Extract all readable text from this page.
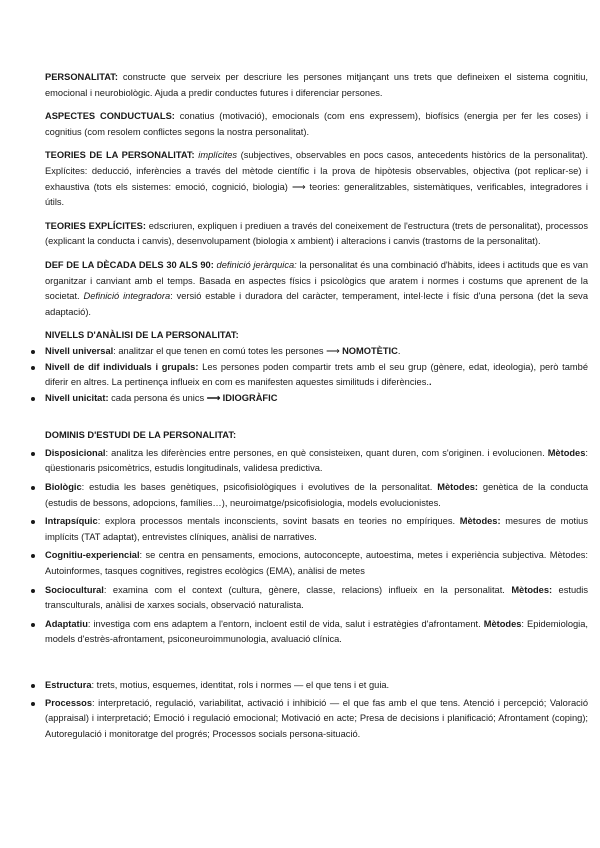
PERSONALITAT: constructe que serveix per descriure les persones mitjançant uns trets que defineixen el sistema cognitiu, emocional i neurobiològic. Ajuda a predir conductes futures i diferenciar persones.

ASPECTES CONDUCTUALS: conatius (motivació), emocionals (com ens expressem), biofísics (energia per fer les coses) i cognitius (com resolem conflictes segons la nostra personalitat).

TEORIES DE LA PERSONALITAT: implícites (subjectives, observables en pocs casos, antecedents històrics de la personalitat). Explícites: deducció, inferències a través del mètode científic i la prova de hipòtesis observables, objectiva (pot replicar-se) i exhaustiva (tots els sistemes: emoció, cognició, biologia) ⟶ teories: generalitzables, sistemàtiques, verificables, integradores i útils.

TEORIES EXPLÍCITES: edscriuren, expliquen i prediuen a través del coneixement de l'estructura (trets de personalitat), processos (explicant la conducta i canvis), desenvolupament (biologia x ambient) i alteracions i canvis (trastorns de la personalitat).

DEF DE LA DÈCADA DELS 30 ALS 90: definició jeràrquica: la personalitat és una combinació d'hàbits, idees i actituds que es van organitzar i canviant amb el temps. Basada en aspectes físics i psicològics que aratem i normes i costums que aprenent de la societat. Definició integradora: versió estable i duradora del caràcter, temperament, intel·lecte i físic d'una persona (det la seva adaptació).

NIVELLS D'ANÀLISI DE LA PERSONALITAT:

Nivell universal: analitzar el que tenen en comú totes les persones ⟶ NOMOTÈTIC.
Nivell de dif individuals i grupals: Les persones poden compartir trets amb el seu grup (gènere, edat, ideologia), però també diferir en altres. La pertinença influeix en com es manifesten aquestes similituds i diferències..
Nivell unicitat: cada persona és unics ⟶ IDIOGRÀFIC

DOMINIS D'ESTUDI DE LA PERSONALITAT:

Disposicional: analitza les diferències entre persones, en què consisteixen, quant duren, com s'originen. i evolucionen. Mètodes: qüestionaris psicomètrics, estudis longitudinals, validesa predictiva.
Biològic: estudia les bases genètiques, psicofisiològiques i evolutives de la personalitat. Mètodes: genètica de la conducta (estudis de bessons, adopcions, famílies…), neuroimatge/psicofisiologia, models evolucionistes.
Intrapsíquic: explora processos mentals inconscients, sovint basats en teories no empíriques. Mètodes: mesures de motius implícits (TAT adaptat), entrevistes clíniques, anàlisi de narratives.
Cognitiu-experiencial: se centra en pensaments, emocions, autoconcepte, autoestima, metes i experiència subjectiva. Mètodes: Autoinformes, tasques cognitives, registres ecològics (EMA), anàlisi de metes
Sociocultural: examina com el context (cultura, gènere, classe, relacions) influeix en la personalitat. Mètodes: estudis transculturals, anàlisi de xarxes socials, observació naturalista.
Adaptatiu: investiga com ens adaptem a l'entorn, incloent estil de vida, salut i estratègies d'afrontament. Mètodes: Epidemiologia, models d'estrès-afrontament, psiconeuroimmunologia, avaluació clínica.
Estructura: trets, motius, esquemes, identitat, rols i normes — el que tens i et guia.
Processos: interpretació, regulació, variabilitat, activació i inhibició — el que fas amb el que tens. Atenció i percepció; Valoració (appraisal) i interpretació; Emoció i regulació emocional; Motivació en acte; Presa de decisions i planificació; Afrontament (coping); Autoregulació i monitoratge del progrés; Processos socials persona-situació.
